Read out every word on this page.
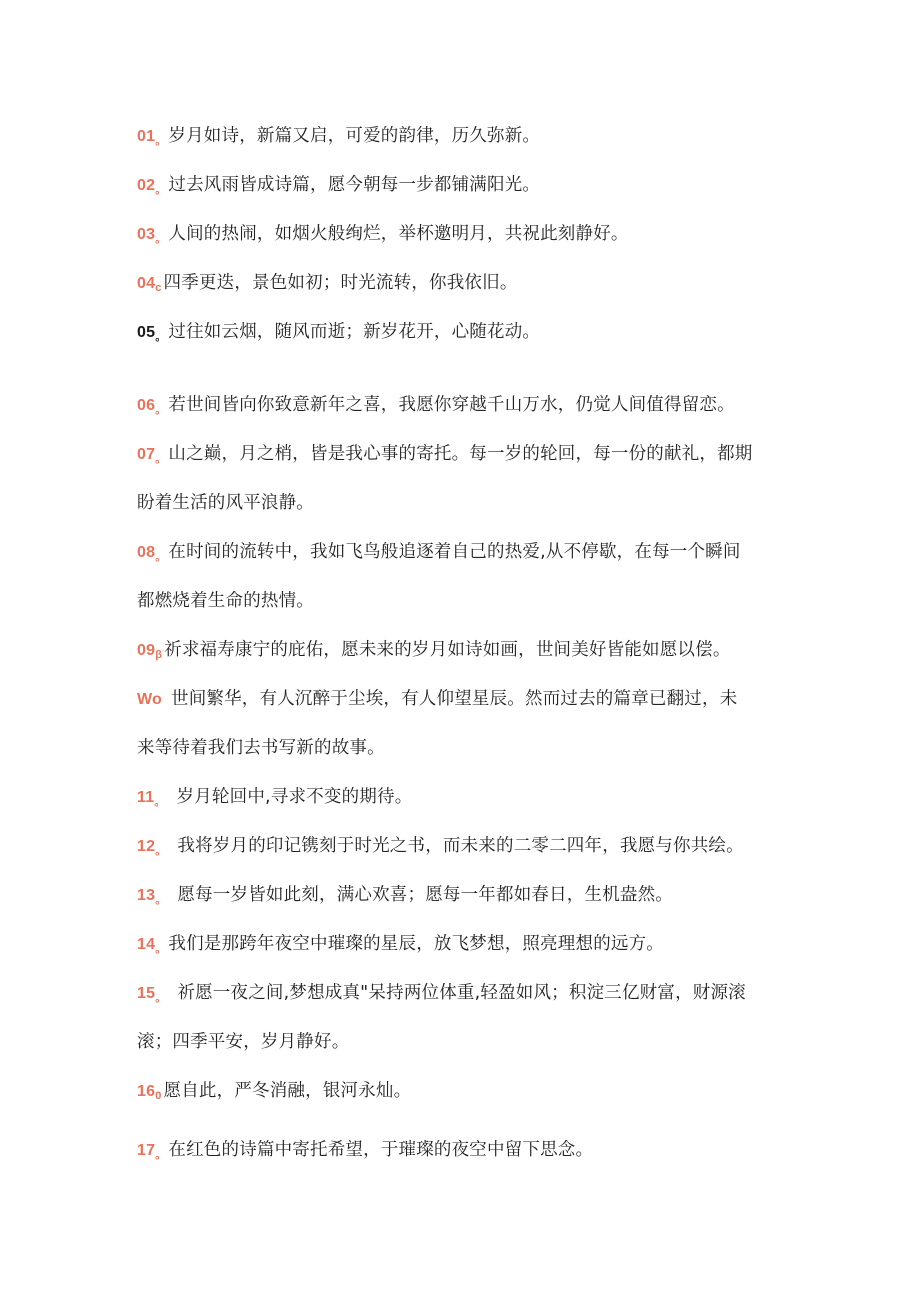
01。 岁月如诗，新篇又启，可爱的韵律，历久弥新。
02。 过去风雨皆成诗篇，愿今朝每一步都铺满阳光。
03。 人间的热闹，如烟火般绚烂，举杯邀明月，共祝此刻静好。
04c 四季更迭，景色如初；时光流转，你我依旧。
05。 过往如云烟，随风而逝；新岁花开，心随花动。
06。 若世间皆向你致意新年之喜，我愿你穿越千山万水，仍觉人间值得留恋。
07。 山之巅，月之梢，皆是我心事的寄托。每一岁的轮回，每一份的献礼，都期
盼着生活的风平浪静。
08。 在时间的流转中，我如飞鸟般追逐着自己的热爱,从不停歇，在每一个瞬间
都燃烧着生命的热情。
09β 祈求福寿康宁的庇佑，愿未来的岁月如诗如画，世间美好皆能如愿以偿。
Wo 世间繁华，有人沉醉于尘埃，有人仰望星辰。然而过去的篇章已翻过，未
来等待着我们去书写新的故事。
11。 岁月轮回中,寻求不变的期待。
12。 我将岁月的印记镌刻于时光之书，而未来的二零二四年，我愿与你共绘。
13。 愿每一岁皆如此刻，满心欢喜；愿每一年都如春日，生机盎然。
14。 我们是那跨年夜空中璀璨的星辰，放飞梦想，照亮理想的远方。
15。 祈愿一夜之间,梦想成真"呆持两位体重,轻盈如风；积淀三亿财富，财源滚
滚；四季平安，岁月静好。
160 愿自此，严冬消融，银河永灿。
17。 在红色的诗篇中寄托希望，于璀璨的夜空中留下思念。
